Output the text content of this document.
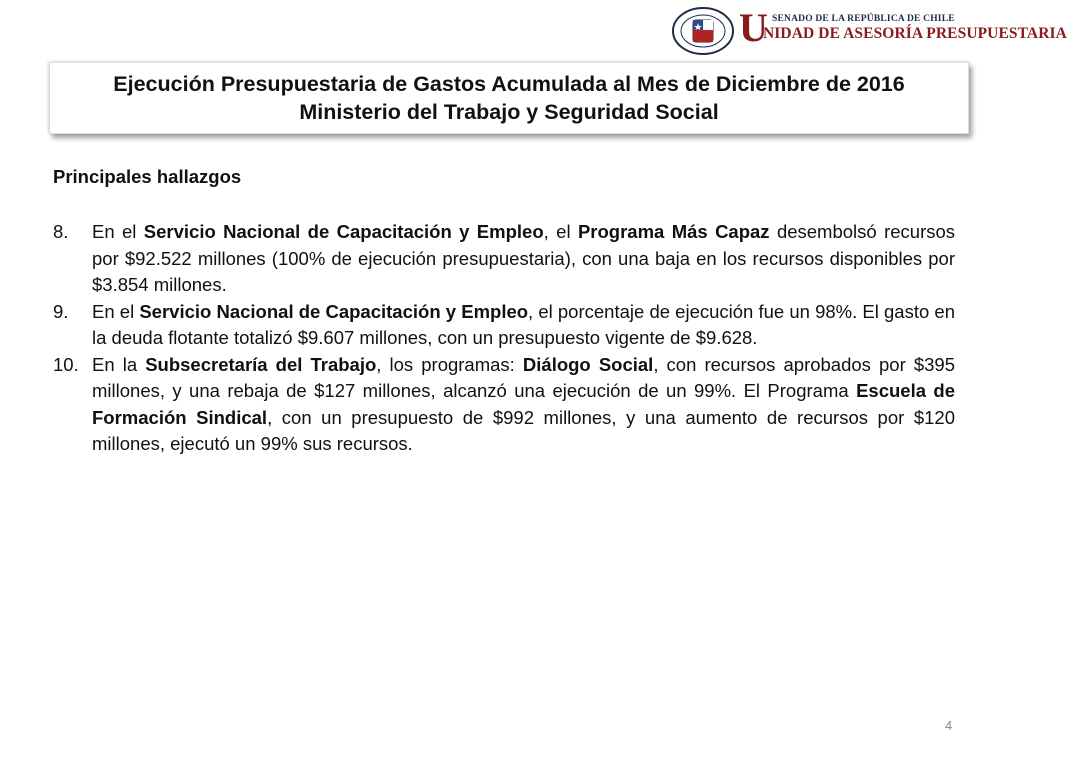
U SENADO DE LA REPÚBLICA DE CHILE
NIDAD DE ASESORÍA PRESUPUESTARIA
Ejecución Presupuestaria de Gastos Acumulada al Mes de Diciembre de 2016
Ministerio del Trabajo y Seguridad Social
Principales hallazgos
8. En el Servicio Nacional de Capacitación y Empleo, el Programa Más Capaz desembolsó recursos por $92.522 millones (100% de ejecución presupuestaria), con una baja en los recursos disponibles por $3.854 millones.
9. En el Servicio Nacional de Capacitación y Empleo, el porcentaje de ejecución fue un 98%. El gasto en la deuda flotante totalizó $9.607 millones, con un presupuesto vigente de $9.628.
10. En la Subsecretaría del Trabajo, los programas: Diálogo Social, con recursos aprobados por $395 millones, y una rebaja de $127 millones, alcanzó una ejecución de un 99%. El Programa Escuela de Formación Sindical, con un presupuesto de $992 millones, y una aumento de recursos por $120 millones, ejecutó un 99% sus recursos.
4
